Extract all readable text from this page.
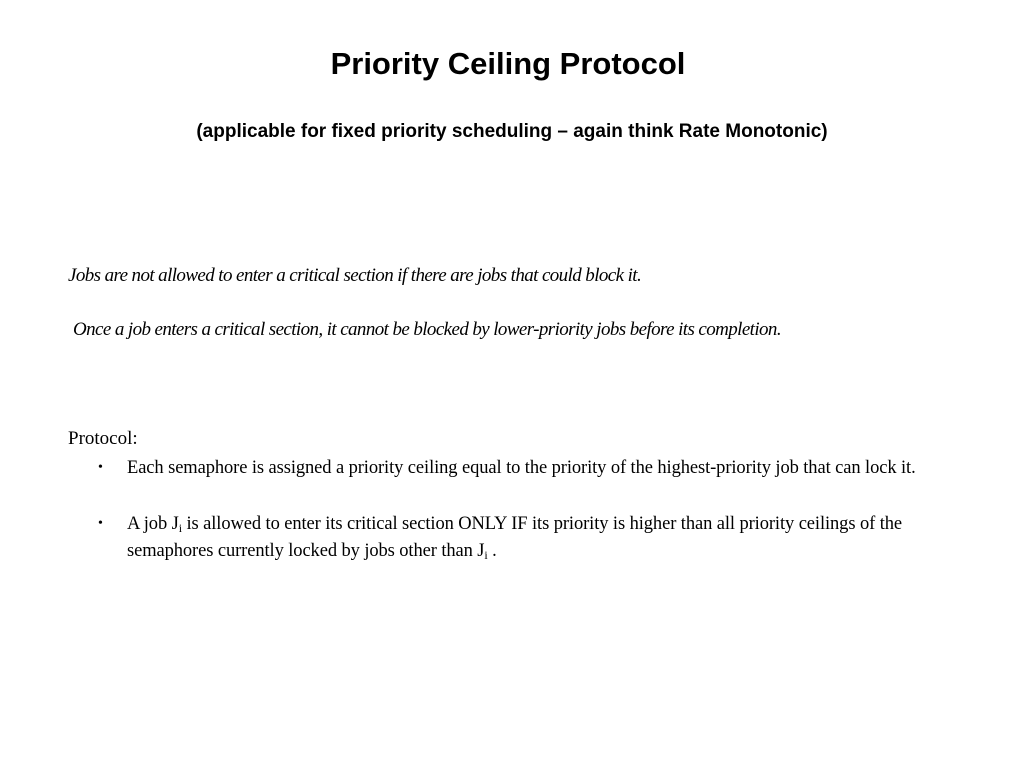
Priority Ceiling Protocol
(applicable for fixed priority scheduling – again think Rate Monotonic)
Jobs are not allowed to enter a critical section if there are jobs that could block it.
Once a job enters a critical section, it cannot be blocked by lower-priority jobs before its completion.
Protocol:
• Each semaphore is assigned a priority ceiling equal to the priority of the highest-priority job that can lock it.
• A job $J_i$ is allowed to enter its critical section ONLY IF its priority is higher than all priority ceilings of the semaphores currently locked by jobs other than $J_i$ .
